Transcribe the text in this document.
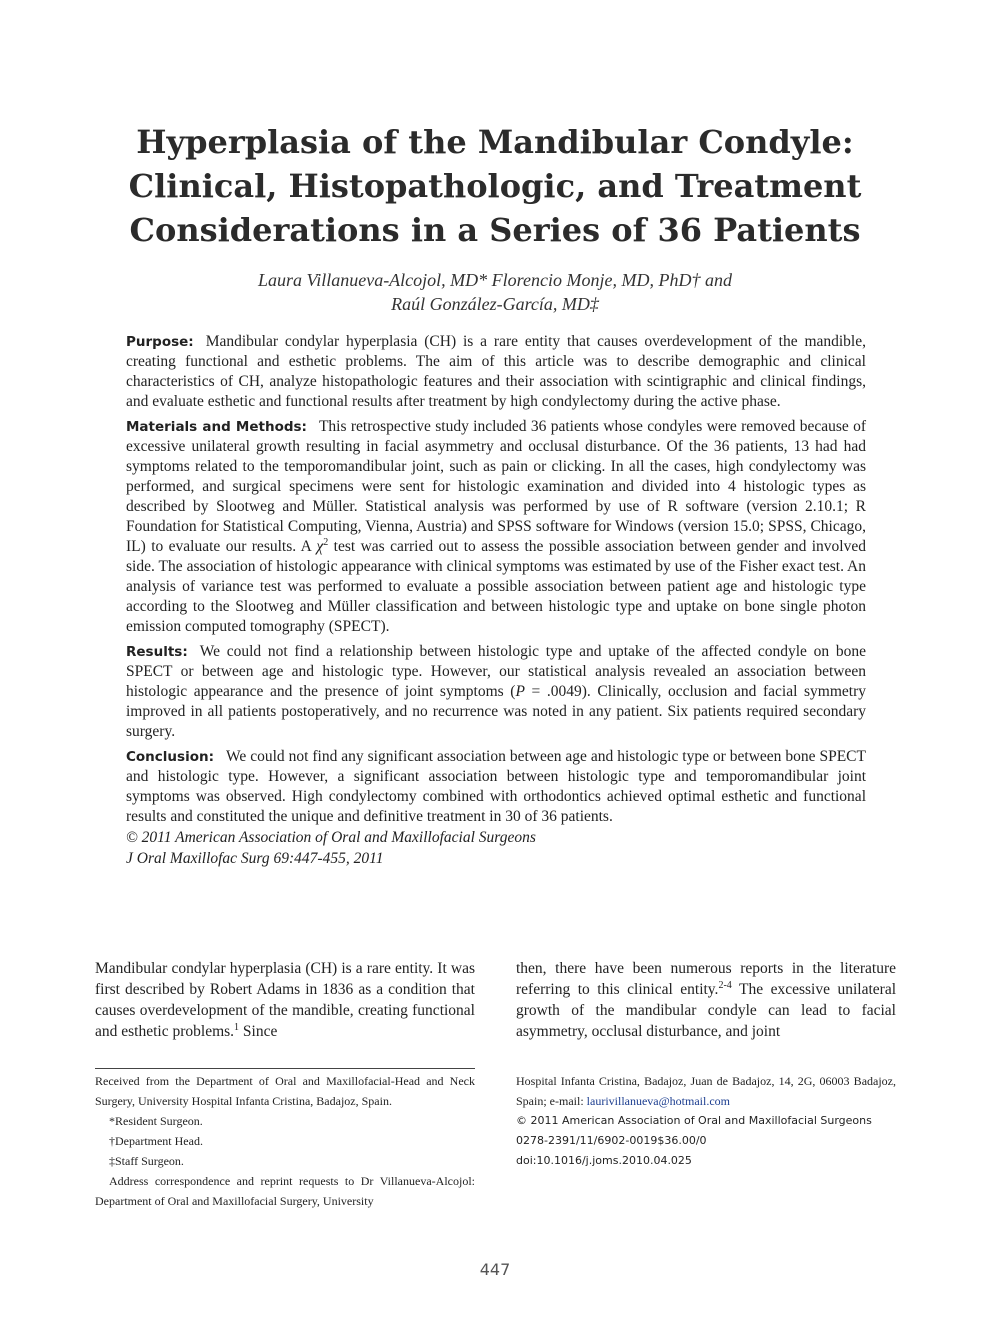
Hyperplasia of the Mandibular Condyle:
Clinical, Histopathologic, and Treatment
Considerations in a Series of 36 Patients
Laura Villanueva-Alcojol, MD* Florencio Monje, MD, PhD† and
Raúl González-García, MD‡

Purpose: Mandibular condylar hyperplasia (CH) is a rare entity that causes overdevelopment of the mandible, creating functional and esthetic problems. The aim of this article was to describe demographic and clinical characteristics of CH, analyze histopathologic features and their association with scintigraphic and clinical findings, and evaluate esthetic and functional results after treatment by high condylectomy during the active phase.

Materials and Methods: This retrospective study included 36 patients whose condyles were removed because of excessive unilateral growth resulting in facial asymmetry and occlusal disturbance. Of the 36 patients, 13 had had symptoms related to the temporomandibular joint, such as pain or clicking. In all the cases, high condylectomy was performed, and surgical specimens were sent for histologic examination and divided into 4 histologic types as described by Slootweg and Müller. Statistical analysis was performed by use of R software (version 2.10.1; R Foundation for Statistical Computing, Vienna, Austria) and SPSS software for Windows (version 15.0; SPSS, Chicago, IL) to evaluate our results. A $\chi^2$ test was carried out to assess the possible association between gender and involved side. The association of histologic appearance with clinical symptoms was estimated by use of the Fisher exact test. An analysis of variance test was performed to evaluate a possible association between patient age and histologic type according to the Slootweg and Müller classification and between histologic type and uptake on bone single photon emission computed tomography (SPECT).

Results: We could not find a relationship between histologic type and uptake of the affected condyle on bone SPECT or between age and histologic type. However, our statistical analysis revealed an association between histologic appearance and the presence of joint symptoms (P = .0049). Clinically, occlusion and facial symmetry improved in all patients postoperatively, and no recurrence was noted in any patient. Six patients required secondary surgery.

Conclusion: We could not find any significant association between age and histologic type or between bone SPECT and histologic type. However, a significant association between histologic type and temporomandibular joint symptoms was observed. High condylectomy combined with orthodontics achieved optimal esthetic and functional results and constituted the unique and definitive treatment in 30 of 36 patients.

© 2011 American Association of Oral and Maxillofacial Surgeons

J Oral Maxillofac Surg 69:447-455, 2011

Mandibular condylar hyperplasia (CH) is a rare entity. It was first described by Robert Adams in 1836 as a condition that causes overdevelopment of the mandible, creating functional and esthetic problems.$^1$ Since

then, there have been numerous reports in the literature referring to this clinical entity.$^{2-4}$ The excessive unilateral growth of the mandibular condyle can lead to facial asymmetry, occlusal disturbance, and joint

Received from the Department of Oral and Maxillofacial-Head and Neck Surgery, University Hospital Infanta Cristina, Badajoz, Spain.

*Resident Surgeon.

†Department Head.

‡Staff Surgeon.

Address correspondence and reprint requests to Dr Villanueva-Alcojol: Department of Oral and Maxillofacial Surgery, University

Hospital Infanta Cristina, Badajoz, Juan de Badajoz, 14, 2G, 06003 Badajoz, Spain; e-mail: laurivillanueva@hotmail.com

© 2011 American Association of Oral and Maxillofacial Surgeons

0278-2391/11/6902-0019$36.00/0

doi:10.1016/j.joms.2010.04.025

447
